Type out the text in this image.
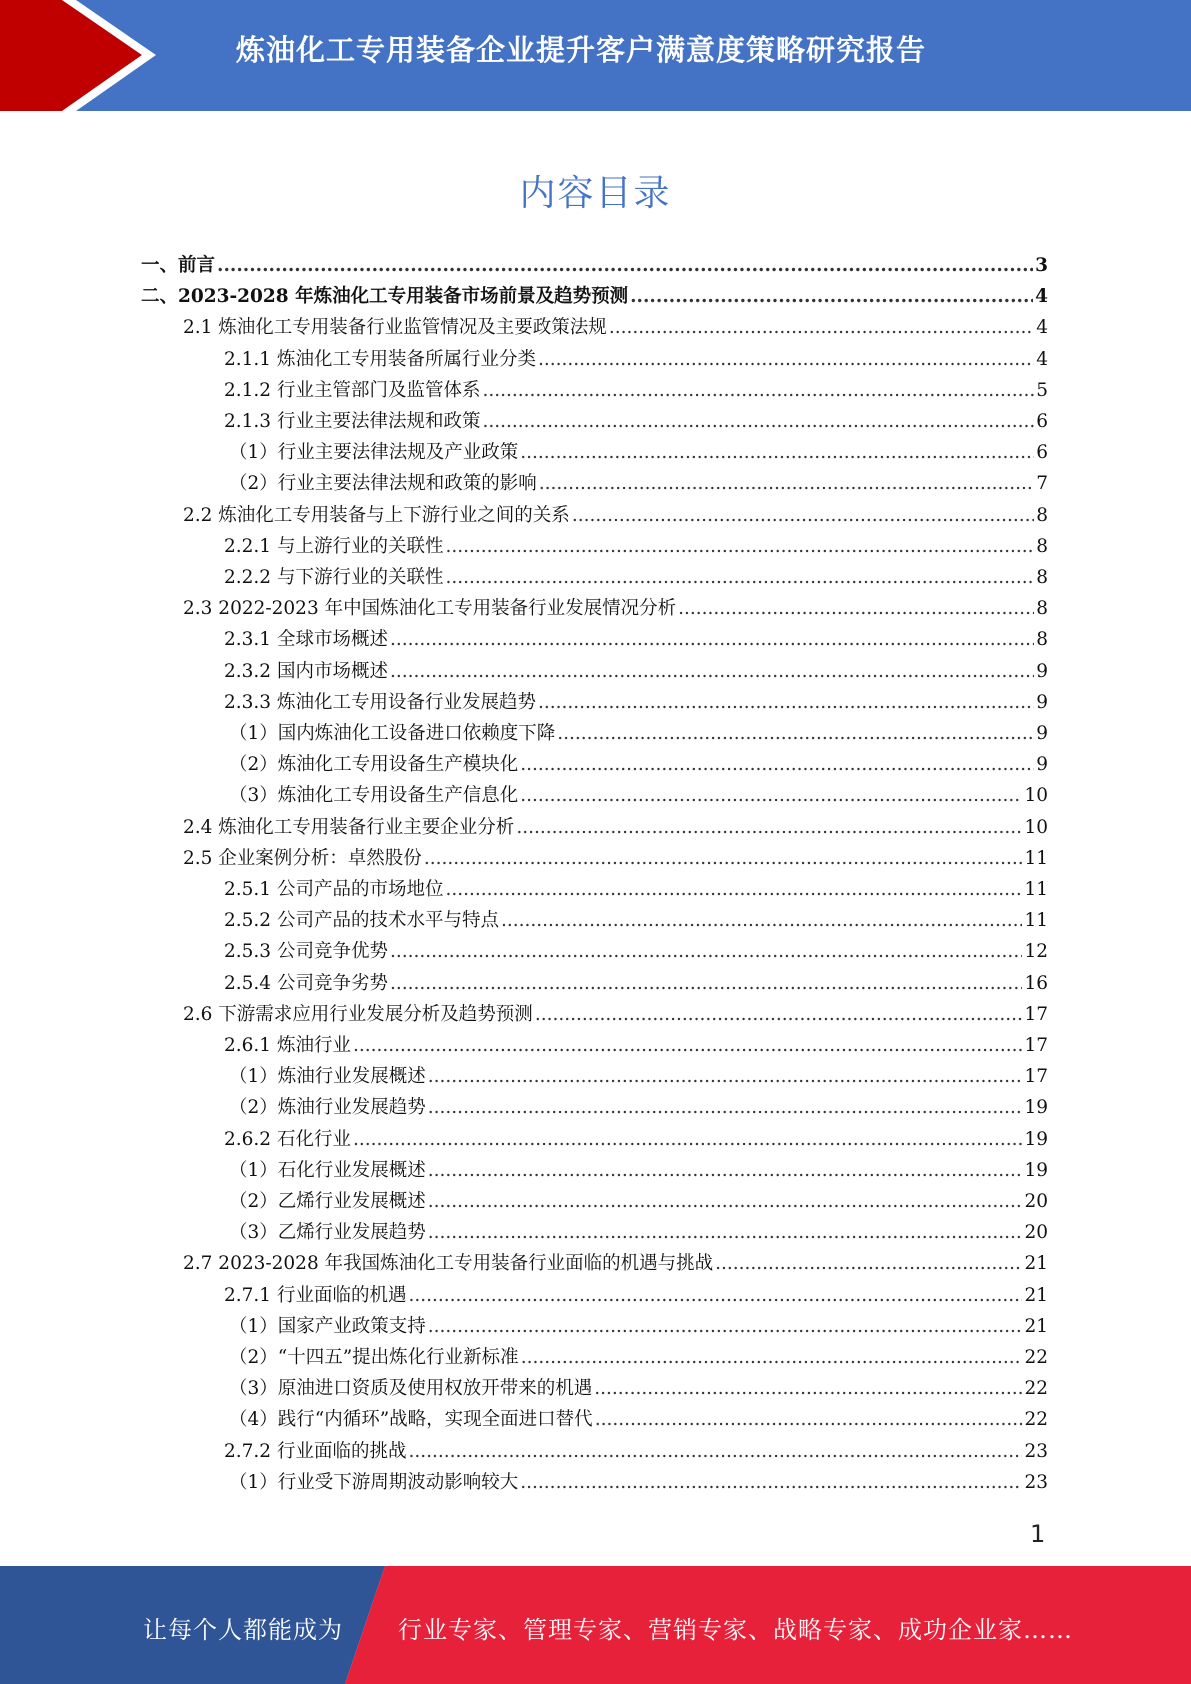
炼油化工专用装备企业提升客户满意度策略研究报告
内容目录
一、前言 .....	3
二、2023-2028 年炼油化工专用装备市场前景及趋势预测 .....	4
2.1 炼油化工专用装备行业监管情况及主要政策法规 .....	4
2.1.1 炼油化工专用装备所属行业分类 .....	4
2.1.2 行业主管部门及监管体系 .....	5
2.1.3 行业主要法律法规和政策 .....	6
（1）行业主要法律法规及产业政策 .....	6
（2）行业主要法律法规和政策的影响 .....	7
2.2 炼油化工专用装备与上下游行业之间的关系 .....	8
2.2.1 与上游行业的关联性 .....	8
2.2.2 与下游行业的关联性 .....	8
2.3 2022-2023 年中国炼油化工专用装备行业发展情况分析 .....	8
2.3.1 全球市场概述 .....	8
2.3.2 国内市场概述 .....	9
2.3.3 炼油化工专用设备行业发展趋势 .....	9
（1）国内炼油化工设备进口依赖度下降 .....	9
（2）炼油化工专用设备生产模块化 .....	9
（3）炼油化工专用设备生产信息化 .....	10
2.4 炼油化工专用装备行业主要企业分析 .....	10
2.5 企业案例分析：卓然股份 .....	11
2.5.1 公司产品的市场地位 .....	11
2.5.2 公司产品的技术水平与特点 .....	11
2.5.3 公司竞争优势 .....	12
2.5.4 公司竞争劣势 .....	16
2.6 下游需求应用行业发展分析及趋势预测 .....	17
2.6.1 炼油行业 .....	17
（1）炼油行业发展概述 .....	17
（2）炼油行业发展趋势 .....	19
2.6.2 石化行业 .....	19
（1）石化行业发展概述 .....	19
（2）乙烯行业发展概述 .....	20
（3）乙烯行业发展趋势 .....	20
2.7 2023-2028 年我国炼油化工专用装备行业面临的机遇与挑战 .....	21
2.7.1 行业面临的机遇 .....	21
（1）国家产业政策支持 .....	21
（2）“十四五”提出炼化行业新标准 .....	22
（3）原油进口资质及使用权放开带来的机遇 .....	22
（4）践行“内循环”战略，实现全面进口替代 .....	22
2.7.2 行业面临的挑战 .....	23
（1）行业受下游周期波动影响较大 .....	23
1
让每个人都能成为 行业专家、管理专家、营销专家、战略专家、成功企业家……
